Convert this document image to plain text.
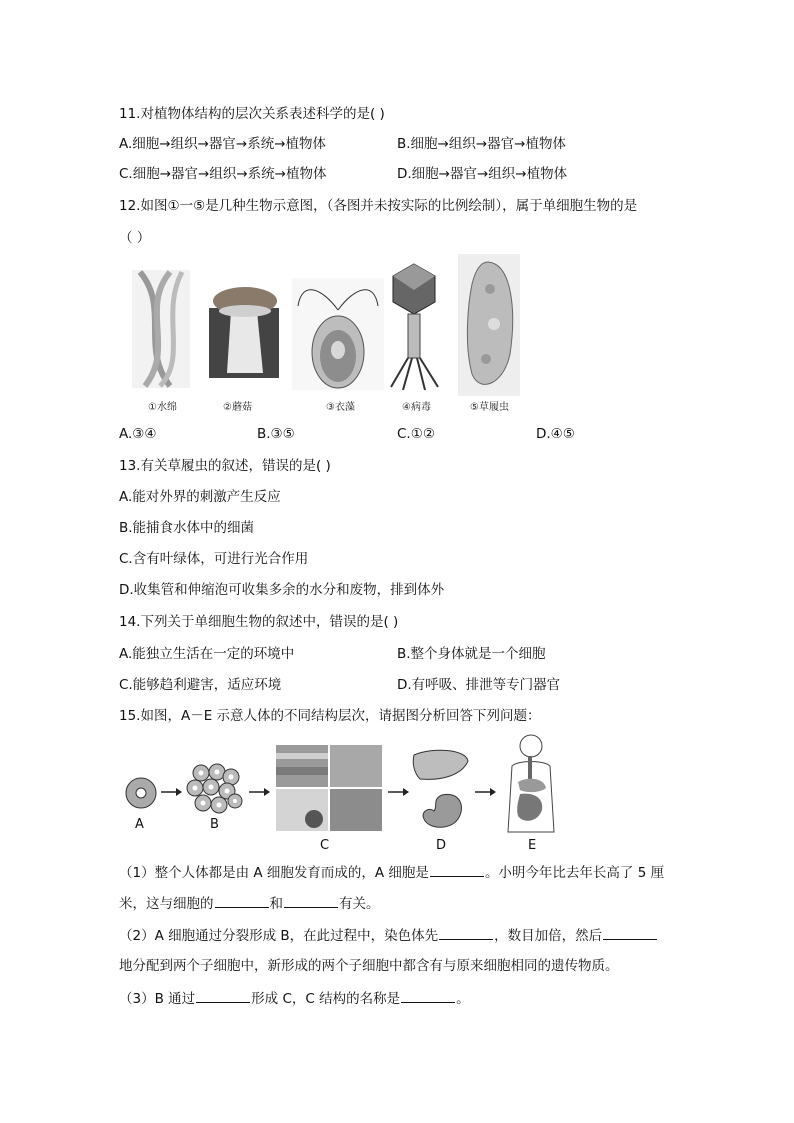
11.对植物体结构的层次关系表述科学的是( )
A.细胞→组织→器官→系统→植物体	B.细胞→组织→器官→植物体
C.细胞→器官→组织→系统→植物体	D.细胞→器官→组织→植物体
12.如图①一⑤是几种生物示意图，（各图并未按实际的比例绘制），属于单细胞生物的是
（ ）
①水绵	②蘑菇	③衣藻	④病毒	⑤草履虫
A.③④	B.③⑤	C.①②	D.④⑤
13.有关草履虫的叙述，错误的是( )
A.能对外界的刺激产生反应
B.能捕食水体中的细菌
C.含有叶绿体，可进行光合作用
D.收集管和伸缩泡可收集多余的水分和废物，排到体外
14.下列关于单细胞生物的叙述中，错误的是( )
A.能独立生活在一定的环境中	B.整个身体就是一个细胞
C.能够趋利避害，适应环境	D.有呼吸、排泄等专门器官
15.如图，A－E 示意人体的不同结构层次，请据图分析回答下列问题：
A	B
C	D	E
（1）整个人体都是由 A 细胞发育而成的，A 细胞是	。小明今年比去年长高了 5 厘
米，这与细胞的	和	有关。
（2）A 细胞通过分裂形成 B，在此过程中，染色体先	，数目加倍，然后
地分配到两个子细胞中，新形成的两个子细胞中都含有与原来细胞相同的遗传物质。
（3）B 通过	形成 C，C 结构的名称是	。
